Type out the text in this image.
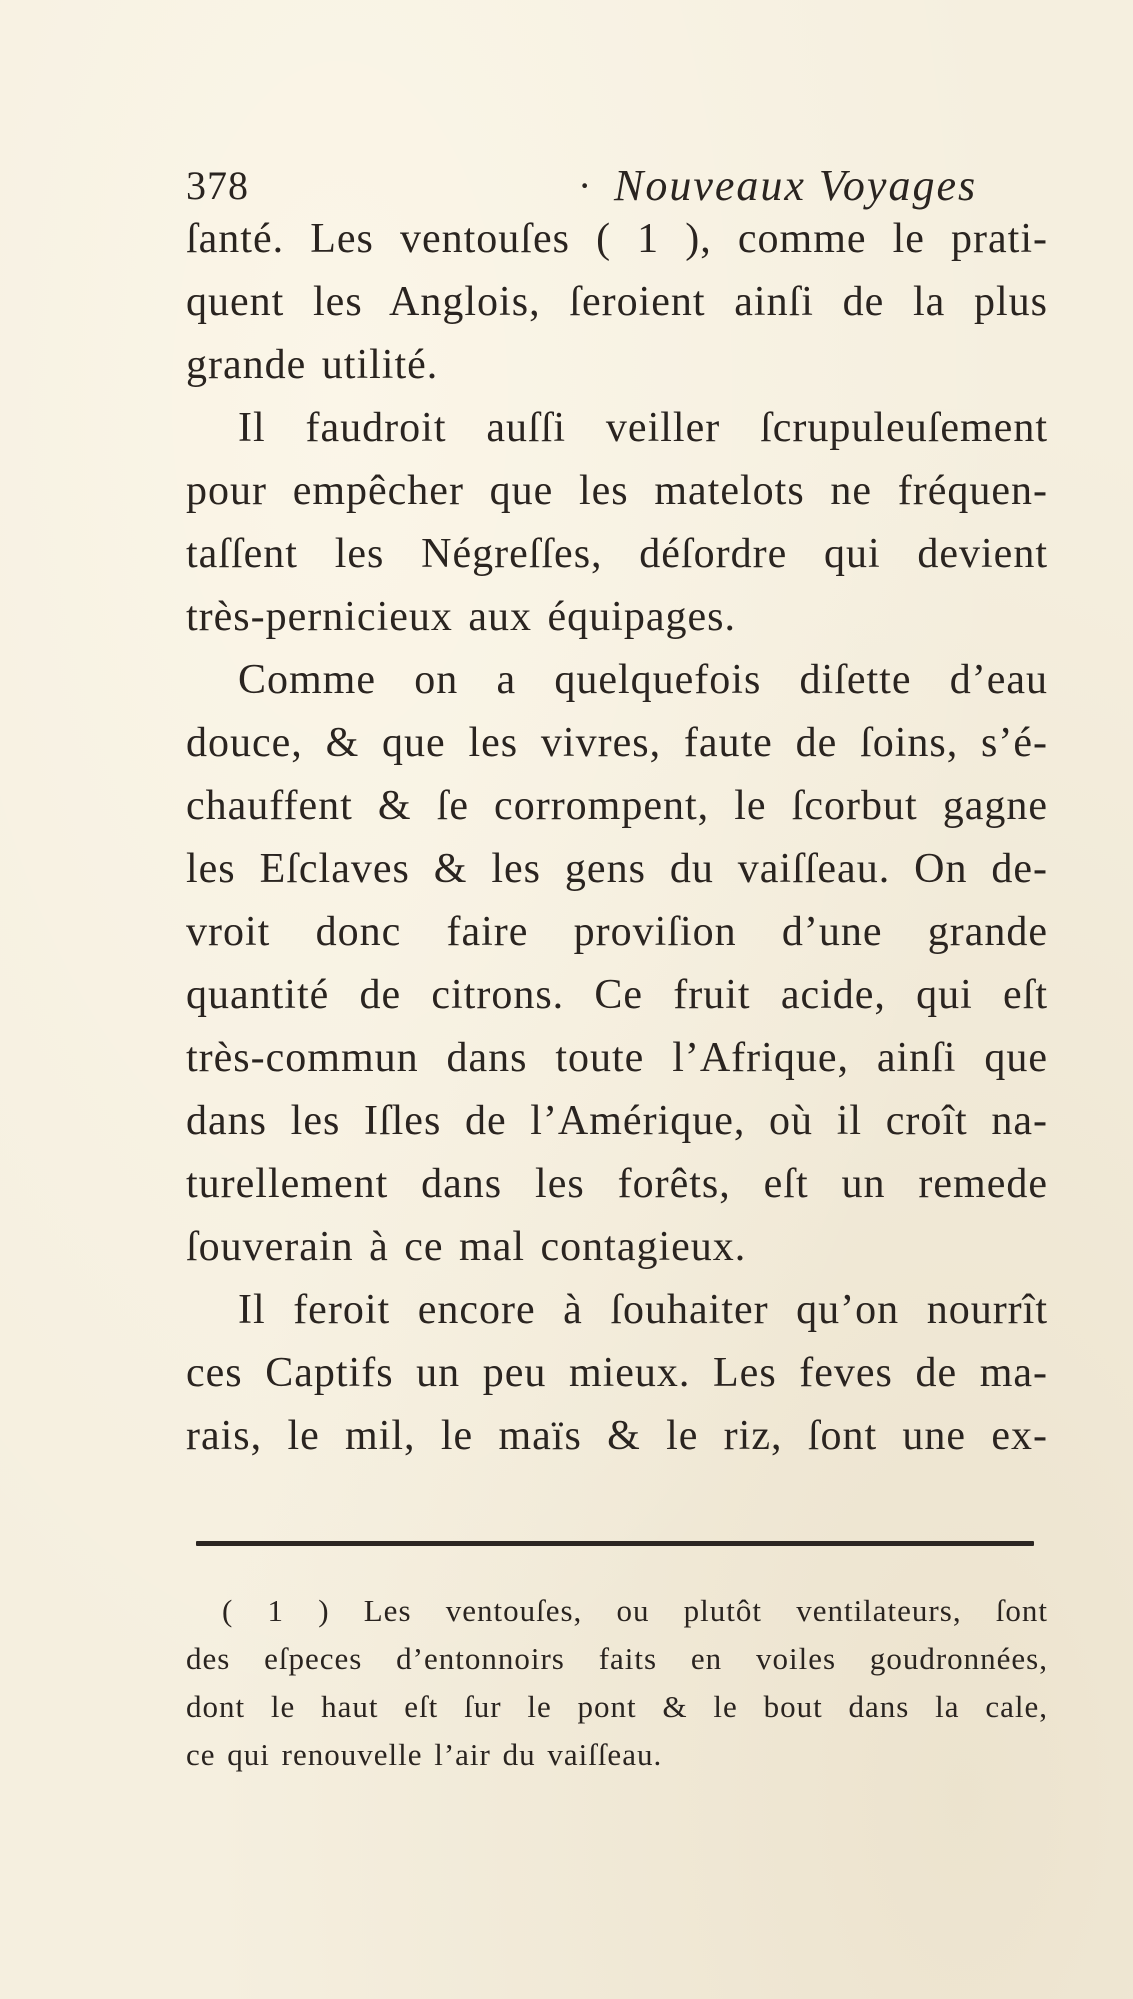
378	· Nouveaux Voyages
ſanté. Les ventouſes ( 1 ), comme le prati-
quent les Anglois, ſeroient ainſi de la plus
grande utilité.
Il faudroit auſſi veiller ſcrupuleuſement
pour empêcher que les matelots ne fréquen-
taſſent les Négreſſes, déſordre qui devient
très-pernicieux aux équipages.
Comme on a quelquefois diſette d’eau
douce, & que les vivres, faute de ſoins, s’é-
chauffent & ſe corrompent, le ſcorbut gagne
les Eſclaves & les gens du vaiſſeau. On de-
vroit donc faire proviſion d’une grande
quantité de citrons. Ce fruit acide, qui eſt
très-commun dans toute l’Afrique, ainſi que
dans les Iſles de l’Amérique, où il croît na-
turellement dans les forêts, eſt un remede
ſouverain à ce mal contagieux.
Il feroit encore à ſouhaiter qu’on nourrît
ces Captifs un peu mieux. Les feves de ma-
rais, le mil, le maïs & le riz, ſont une ex-
( 1 ) Les ventouſes, ou plutôt ventilateurs, ſont
des eſpeces d’entonnoirs faits en voiles goudronnées,
dont le haut eſt ſur le pont & le bout dans la cale,
ce qui renouvelle l’air du vaiſſeau.
